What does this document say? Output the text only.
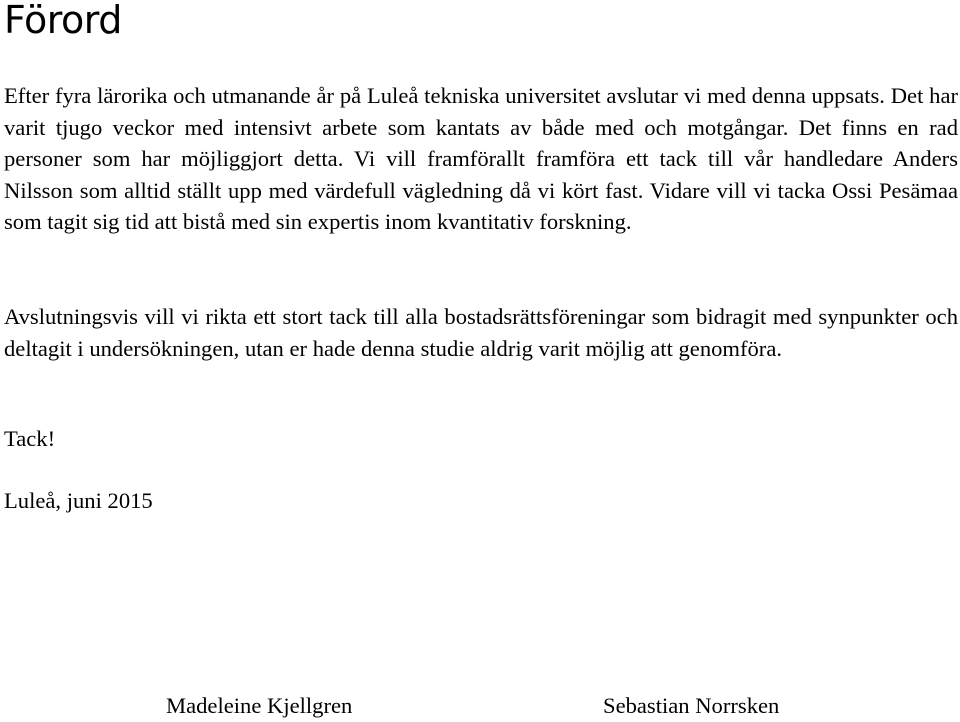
Förord

Efter fyra lärorika och utmanande år på Luleå tekniska universitet avslutar vi med denna uppsats. Det har varit tjugo veckor med intensivt arbete som kantats av både med och motgångar. Det finns en rad personer som har möjliggjort detta. Vi vill framförallt framföra ett tack till vår handledare Anders Nilsson som alltid ställt upp med värdefull vägledning då vi kört fast. Vidare vill vi tacka Ossi Pesämaa som tagit sig tid att bistå med sin expertis inom kvantitativ forskning.

Avslutningsvis vill vi rikta ett stort tack till alla bostadsrättsföreningar som bidragit med synpunkter och deltagit i undersökningen, utan er hade denna studie aldrig varit möjlig att genomföra.

Tack!

Luleå, juni 2015

Madeleine Kjellgren	Sebastian Norrsken
